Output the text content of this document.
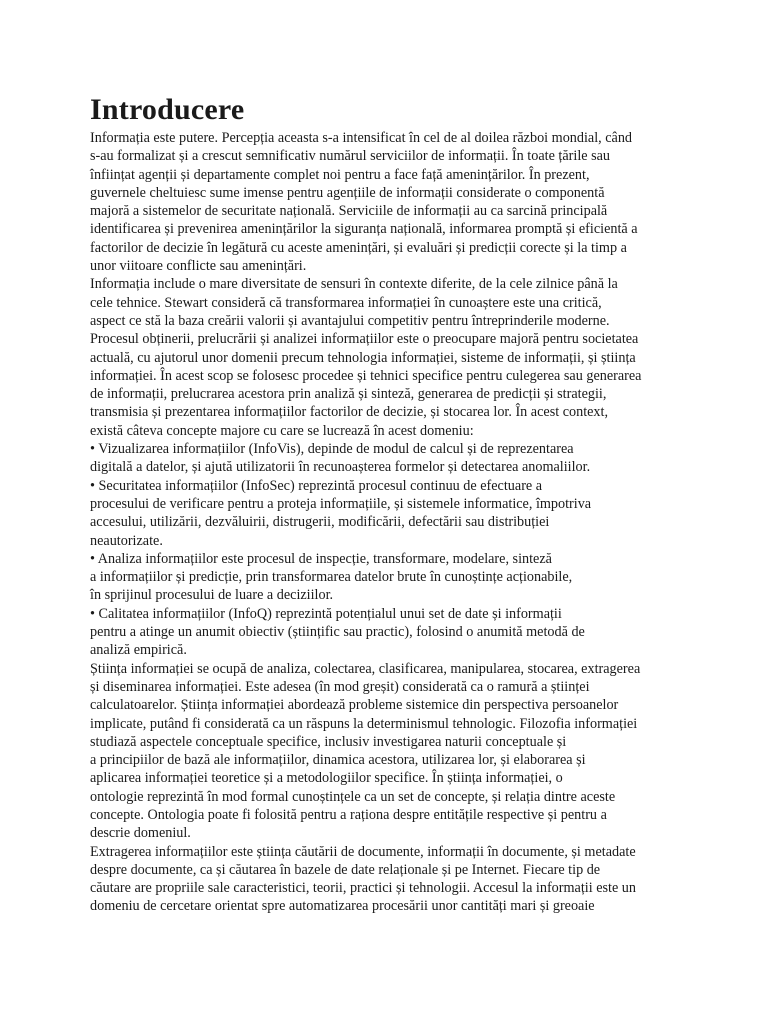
Introducere
Informația este putere. Percepția aceasta s-a intensificat în cel de al doilea război mondial, când
s-au formalizat și a crescut semnificativ numărul serviciilor de informații. În toate țările sau
înființat agenții și departamente complet noi pentru a face față amenințărilor. În prezent,
guvernele cheltuiesc sume imense pentru agențiile de informații considerate o componentă
majoră a sistemelor de securitate națională. Serviciile de informații au ca sarcină principală
identificarea și prevenirea amenințărilor la siguranța națională, informarea promptă și eficientă a
factorilor de decizie în legătură cu aceste amenințări, și evaluări și predicții corecte și la timp a
unor viitoare conflicte sau amenințări.
Informația include o mare diversitate de sensuri în contexte diferite, de la cele zilnice până la
cele tehnice. Stewart consideră că transformarea informației în cunoaștere este una critică,
aspect ce stă la baza creării valorii și avantajului competitiv pentru întreprinderile moderne.
Procesul obținerii, prelucrării și analizei informațiilor este o preocupare majoră pentru societatea
actuală, cu ajutorul unor domenii precum tehnologia informației, sisteme de informații, și știința
informației. În acest scop se folosesc procedee și tehnici specifice pentru culegerea sau generarea
de informații, prelucrarea acestora prin analiză și sinteză, generarea de predicții și strategii,
transmisia și prezentarea informațiilor factorilor de decizie, și stocarea lor. În acest context,
există câteva concepte majore cu care se lucrează în acest domeniu:
• Vizualizarea informațiilor (InfoVis), depinde de modul de calcul și de reprezentarea
digitală a datelor, și ajută utilizatorii în recunoașterea formelor și detectarea anomaliilor.
• Securitatea informațiilor (InfoSec) reprezintă procesul continuu de efectuare a
procesului de verificare pentru a proteja informațiile, și sistemele informatice, împotriva
accesului, utilizării, dezvăluirii, distrugerii, modificării, defectării sau distribuției
neautorizate.
• Analiza informațiilor este procesul de inspecție, transformare, modelare, sinteză
a informațiilor și predicție, prin transformarea datelor brute în cunoștințe acționabile,
în sprijinul procesului de luare a deciziilor.
• Calitatea informațiilor (InfoQ) reprezintă potențialul unui set de date și informații
pentru a atinge un anumit obiectiv (științific sau practic), folosind o anumită metodă de
analiză empirică.
Știința informației se ocupă de analiza, colectarea, clasificarea, manipularea, stocarea, extragerea
și diseminarea informației. Este adesea (în mod greșit) considerată ca o ramură a științei
calculatoarelor. Știința informației abordează probleme sistemice din perspectiva persoanelor
implicate, putând fi considerată ca un răspuns la determinismul tehnologic. Filozofia informației
studiază aspectele conceptuale specifice, inclusiv investigarea naturii conceptuale și
a principiilor de bază ale informațiilor, dinamica acestora, utilizarea lor, și elaborarea și
aplicarea informației teoretice și a metodologiilor specifice. În știința informației, o
ontologie reprezintă în mod formal cunoștințele ca un set de concepte, și relația dintre aceste
concepte. Ontologia poate fi folosită pentru a raționa despre entitățile respective și pentru a
descrie domeniul.
Extragerea informațiilor este știința căutării de documente, informații în documente, și metadate
despre documente, ca și căutarea în bazele de date relaționale și pe Internet. Fiecare tip de
căutare are propriile sale caracteristici, teorii, practici și tehnologii. Accesul la informații este un
domeniu de cercetare orientat spre automatizarea procesării unor cantități mari și greoaie
